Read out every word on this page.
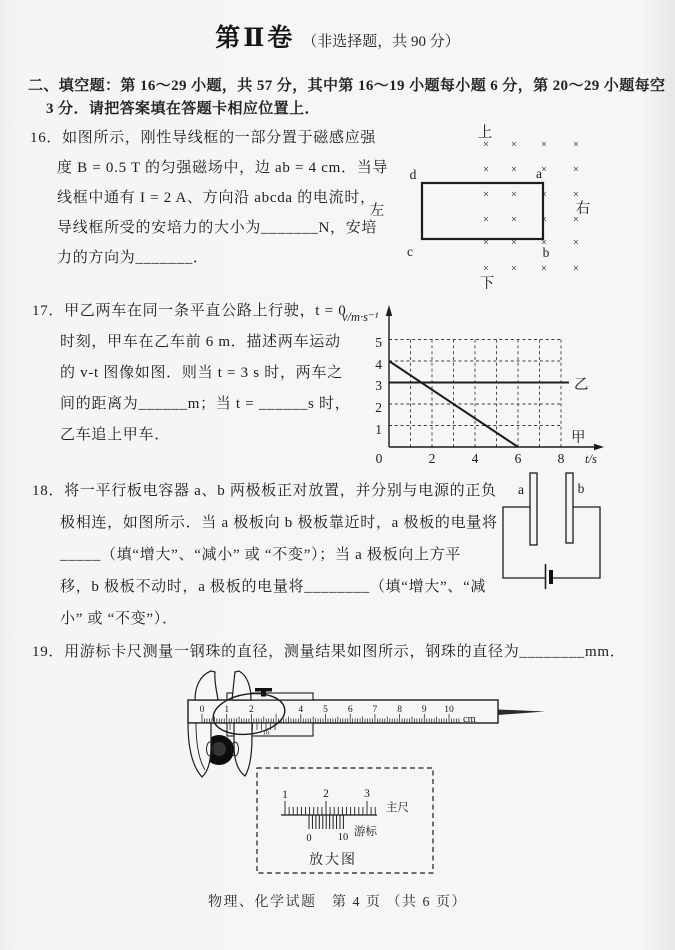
第Ⅱ卷 （非选择题，共 90 分）
二、填空题：第 16～29 小题，共 57 分，其中第 16～19 小题每小题 6 分，第 20～29 小题每空
3 分．请把答案填在答题卡相应位置上．
16．如图所示，刚性导线框的一部分置于磁感应强
度 B = 0.5 T 的匀强磁场中，边 ab = 4 cm．当导
线框中通有 I = 2 A、方向沿 abcda 的电流时，
导线框所受的安培力的大小为_______N，安培
力的方向为_______．
×
×
×
×
×
×
×
×
×
×
×
×
×
×
×
×
×
×
×
×
×
×
×
×
d	a
c	b
上
下
左	右
17．甲乙两车在同一条平直公路上行驶，t = 0
时刻，甲车在乙车前 6 m．描述两车运动
的 v-t 图像如图．则当 t = 3 s 时，两车之
间的距离为______m；当 t = ______s 时，
乙车追上甲车．
v/m·s⁻¹
t/s
1
2
3
4
5
0	2	4	6	8
乙
甲
18．将一平行板电容器 a、b 两极板正对放置，并分别与电源的正负
极相连，如图所示．当 a 极板向 b 极板靠近时，a 极板的电量将
_____（填“增大”、“减小” 或 “不变”）；当 a 极板向上方平
移，b 极板不动时，a 极板的电量将________（填“增大”、“减
小” 或 “不变”）．
a	b
19．用游标卡尺测量一钢珠的直径，测量结果如图所示，钢珠的直径为________mm．
0 1 2	4 5 6 7 8 9 10
10
cm
1	2	3
主尺
0 10 游标
放大图
物理、化学试题　第 4 页 （共 6 页）
